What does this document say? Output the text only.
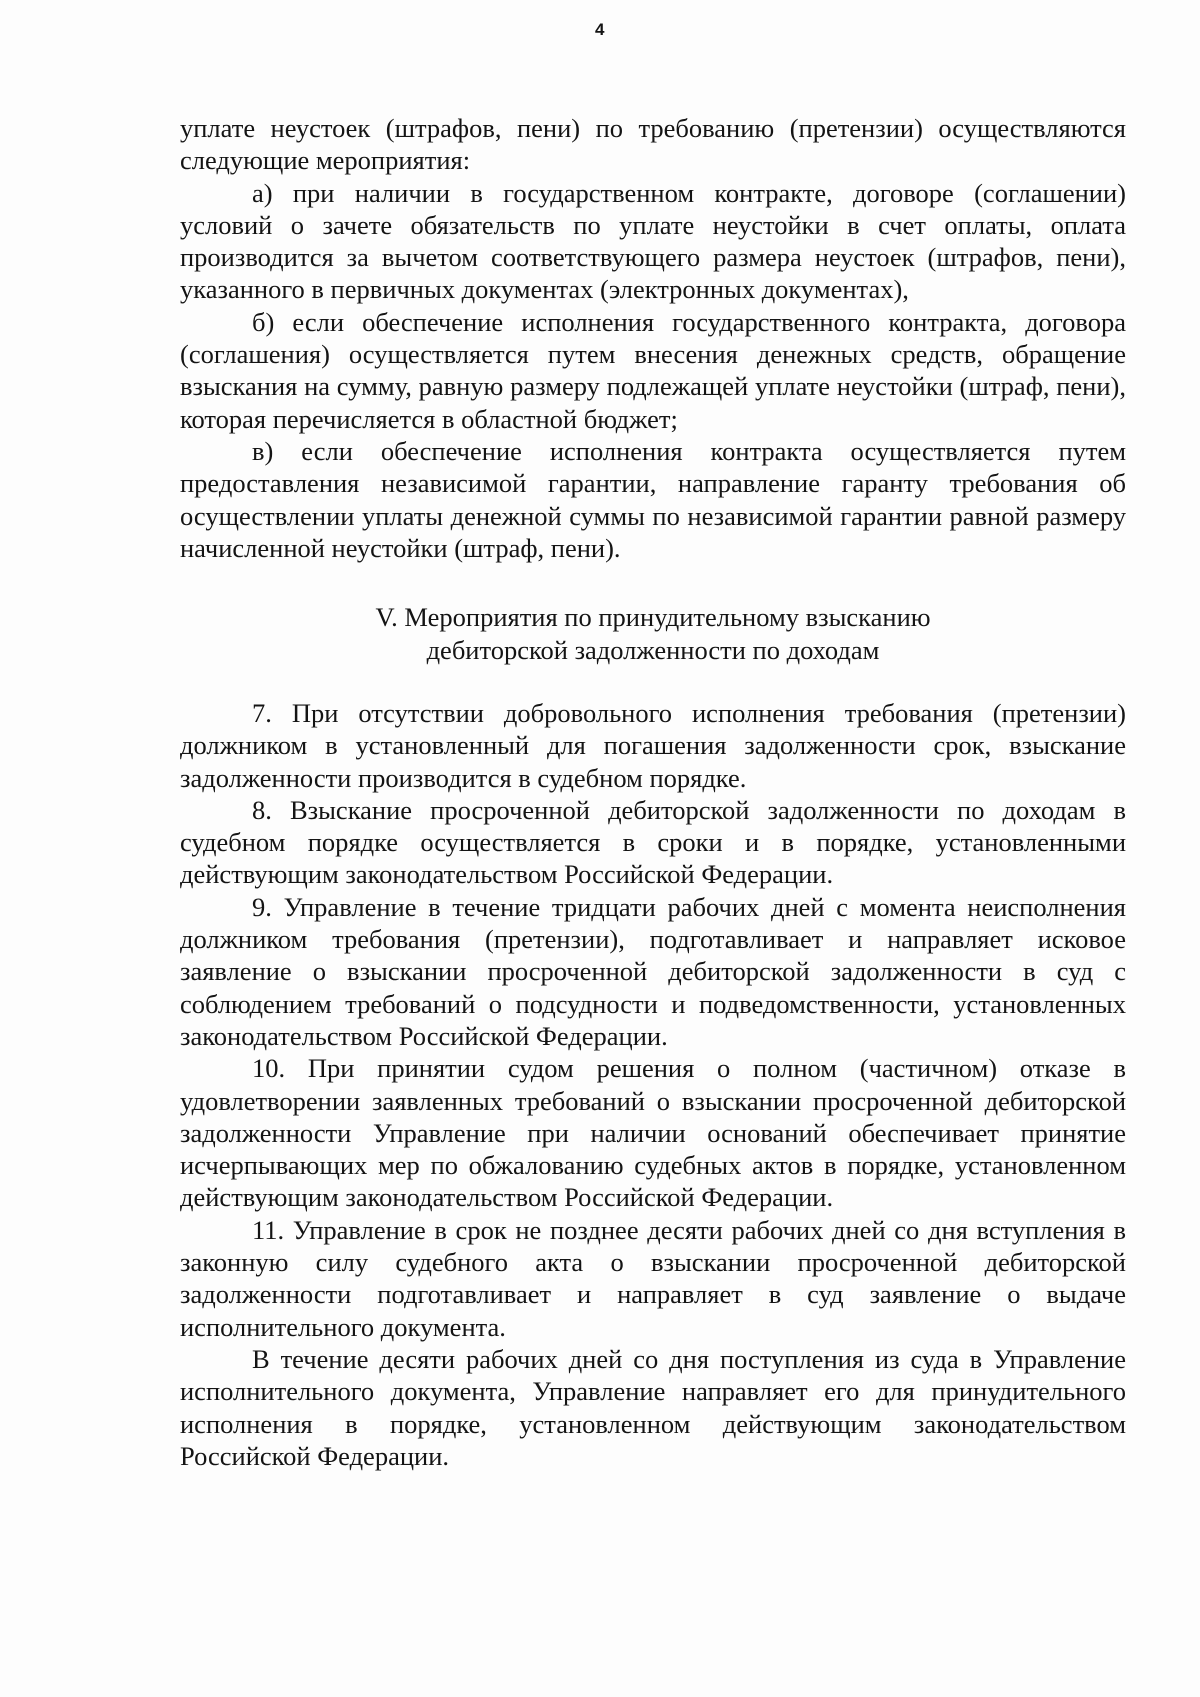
4

уплате неустоек (штрафов, пени) по требованию (претензии) осуществляются следующие мероприятия:

а) при наличии в государственном контракте, договоре (соглашении) условий о зачете обязательств по уплате неустойки в счет оплаты, оплата производится за вычетом соответствующего размера неустоек (штрафов, пени), указанного в первичных документах (электронных документах),

б) если обеспечение исполнения государственного контракта, договора (соглашения) осуществляется путем внесения денежных средств, обращение взыскания на сумму, равную размеру подлежащей уплате неустойки (штраф, пени), которая перечисляется в областной бюджет;

в) если обеспечение исполнения контракта осуществляется путем предоставления независимой гарантии, направление гаранту требования об осуществлении уплаты денежной суммы по независимой гарантии равной размеру начисленной неустойки (штраф, пени).

V. Мероприятия по принудительному взысканию
дебиторской задолженности по доходам

7. При отсутствии добровольного исполнения требования (претензии) должником в установленный для погашения задолженности срок, взыскание задолженности производится в судебном порядке.

8. Взыскание просроченной дебиторской задолженности по доходам в судебном порядке осуществляется в сроки и в порядке, установленными действующим законодательством Российской Федерации.

9. Управление в течение тридцати рабочих дней с момента неисполнения должником требования (претензии), подготавливает и направляет исковое заявление о взыскании просроченной дебиторской задолженности в суд с соблюдением требований о подсудности и подведомственности, установленных законодательством Российской Федерации.

10. При принятии судом решения о полном (частичном) отказе в удовлетворении заявленных требований о взыскании просроченной дебиторской задолженности Управление при наличии оснований обеспечивает принятие исчерпывающих мер по обжалованию судебных актов в порядке, установленном действующим законодательством Российской Федерации.

11. Управление в срок не позднее десяти рабочих дней со дня вступления в законную силу судебного акта о взыскании просроченной дебиторской задолженности подготавливает и направляет в суд заявление о выдаче исполнительного документа.

В течение десяти рабочих дней со дня поступления из суда в Управление исполнительного документа, Управление направляет его для принудительного исполнения в порядке, установленном действующим законодательством Российской Федерации.
